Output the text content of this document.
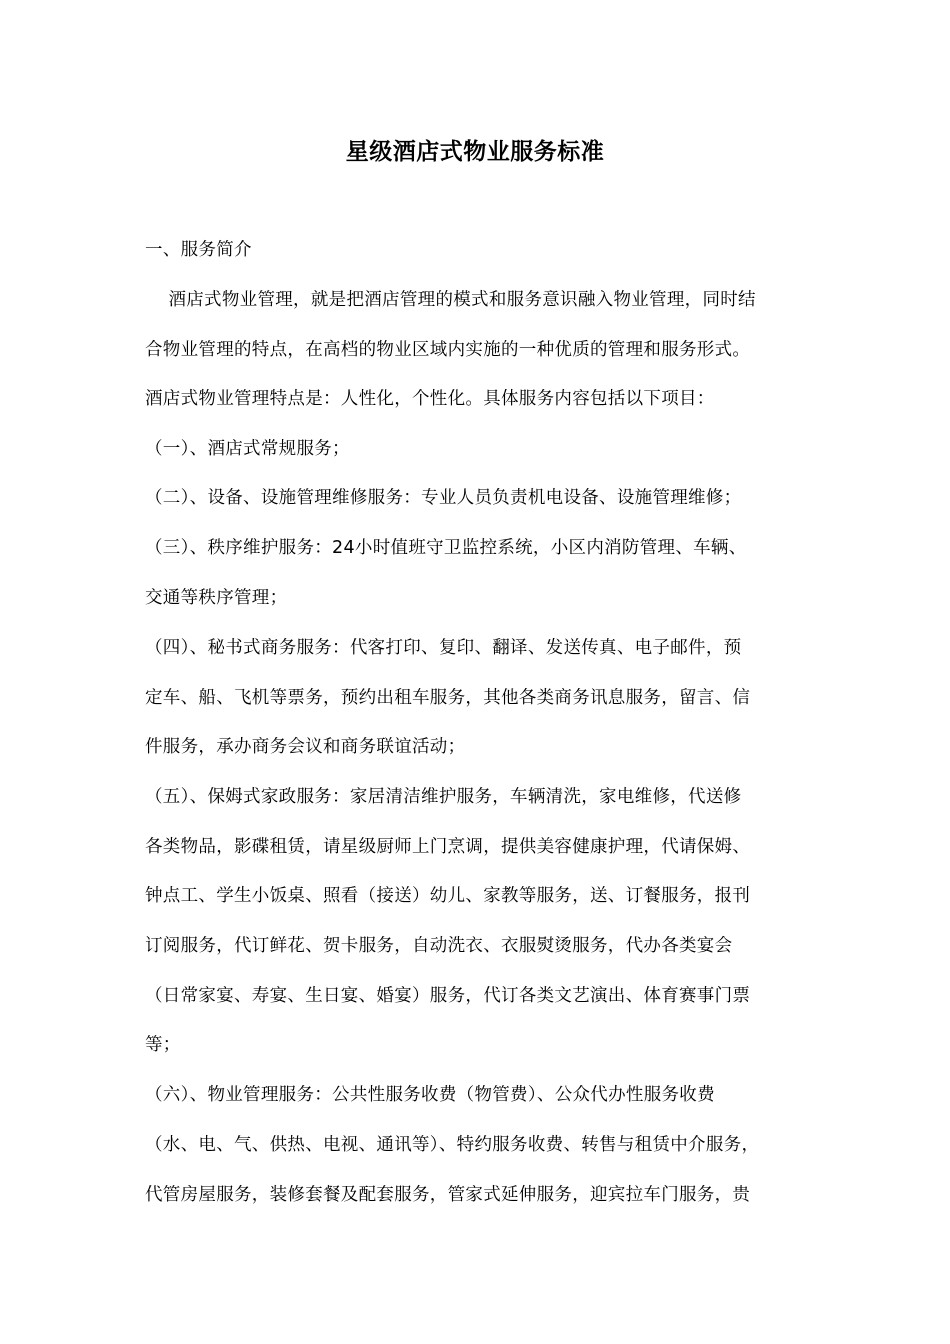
星级酒店式物业服务标准
一、服务简介
酒店式物业管理，就是把酒店管理的模式和服务意识融入物业管理，同时结
合物业管理的特点，在高档的物业区域内实施的一种优质的管理和服务形式。
酒店式物业管理特点是：人性化，个性化。具体服务内容包括以下项目：
（一）、酒店式常规服务；
（二）、设备、设施管理维修服务：专业人员负责机电设备、设施管理维修；
（三）、秩序维护服务：24小时值班守卫监控系统，小区内消防管理、车辆、
交通等秩序管理；
（四）、秘书式商务服务：代客打印、复印、翻译、发送传真、电子邮件，预
定车、船、飞机等票务，预约出租车服务，其他各类商务讯息服务，留言、信
件服务，承办商务会议和商务联谊活动；
（五）、保姆式家政服务：家居清洁维护服务，车辆清洗，家电维修，代送修
各类物品，影碟租赁，请星级厨师上门烹调，提供美容健康护理，代请保姆、
钟点工、学生小饭桌、照看（接送）幼儿、家教等服务，送、订餐服务，报刊
订阅服务，代订鲜花、贺卡服务，自动洗衣、衣服熨烫服务，代办各类宴会
（日常家宴、寿宴、生日宴、婚宴）服务，代订各类文艺演出、体育赛事门票
等；
（六）、物业管理服务：公共性服务收费（物管费）、公众代办性服务收费
（水、电、气、供热、电视、通讯等）、特约服务收费、转售与租赁中介服务，
代管房屋服务，装修套餐及配套服务，管家式延伸服务，迎宾拉车门服务，贵
